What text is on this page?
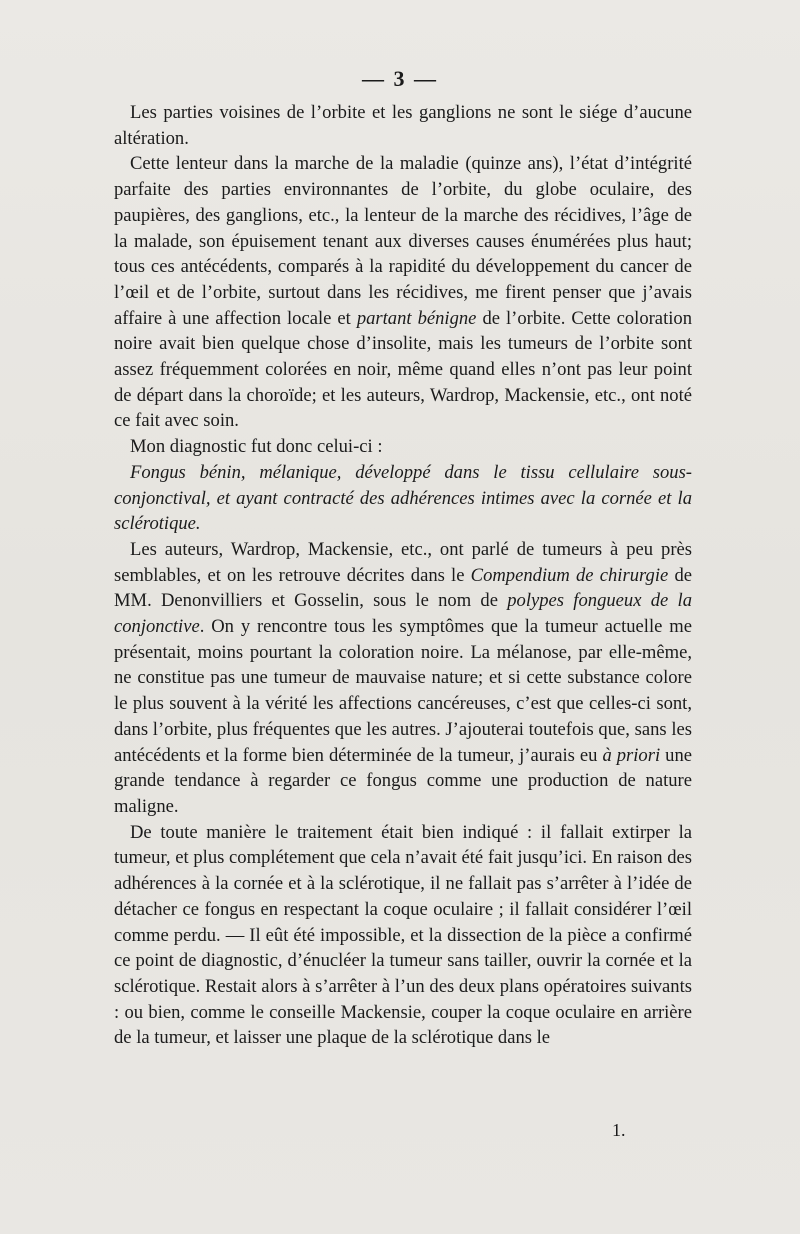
— 3 —

Les parties voisines de l’orbite et les ganglions ne sont le siége d’aucune altération.

Cette lenteur dans la marche de la maladie (quinze ans), l’état d’intégrité parfaite des parties environnantes de l’orbite, du globe oculaire, des paupières, des ganglions, etc., la lenteur de la marche des récidives, l’âge de la malade, son épuisement tenant aux diverses causes énumérées plus haut; tous ces antécédents, comparés à la rapidité du développement du cancer de l’œil et de l’orbite, surtout dans les récidives, me firent penser que j’avais affaire à une affection locale et partant bénigne de l’orbite. Cette coloration noire avait bien quelque chose d’insolite, mais les tumeurs de l’orbite sont assez fréquemment colorées en noir, même quand elles n’ont pas leur point de départ dans la choroïde; et les auteurs, Wardrop, Mackensie, etc., ont noté ce fait avec soin.

Mon diagnostic fut donc celui-ci :

Fongus bénin, mélanique, développé dans le tissu cellulaire sous-conjonctival, et ayant contracté des adhérences intimes avec la cornée et la sclérotique.

Les auteurs, Wardrop, Mackensie, etc., ont parlé de tumeurs à peu près semblables, et on les retrouve décrites dans le Compendium de chirurgie de MM. Denonvilliers et Gosselin, sous le nom de polypes fongueux de la conjonctive. On y rencontre tous les symptômes que la tumeur actuelle me présentait, moins pourtant la coloration noire. La mélanose, par elle-même, ne constitue pas une tumeur de mauvaise nature; et si cette substance colore le plus souvent à la vérité les affections cancéreuses, c’est que celles-ci sont, dans l’orbite, plus fréquentes que les autres. J’ajouterai toutefois que, sans les antécédents et la forme bien déterminée de la tumeur, j’aurais eu à priori une grande tendance à regarder ce fongus comme une production de nature maligne.

De toute manière le traitement était bien indiqué : il fallait extirper la tumeur, et plus complétement que cela n’avait été fait jusqu’ici. En raison des adhérences à la cornée et à la sclérotique, il ne fallait pas s’arrêter à l’idée de détacher ce fongus en respectant la coque oculaire ; il fallait considérer l’œil comme perdu. — Il eût été impossible, et la dissection de la pièce a confirmé ce point de diagnostic, d’énucléer la tumeur sans tailler, ouvrir la cornée et la sclérotique. Restait alors à s’arrêter à l’un des deux plans opératoires suivants : ou bien, comme le conseille Mackensie, couper la coque oculaire en arrière de la tumeur, et laisser une plaque de la sclérotique dans le

1.
